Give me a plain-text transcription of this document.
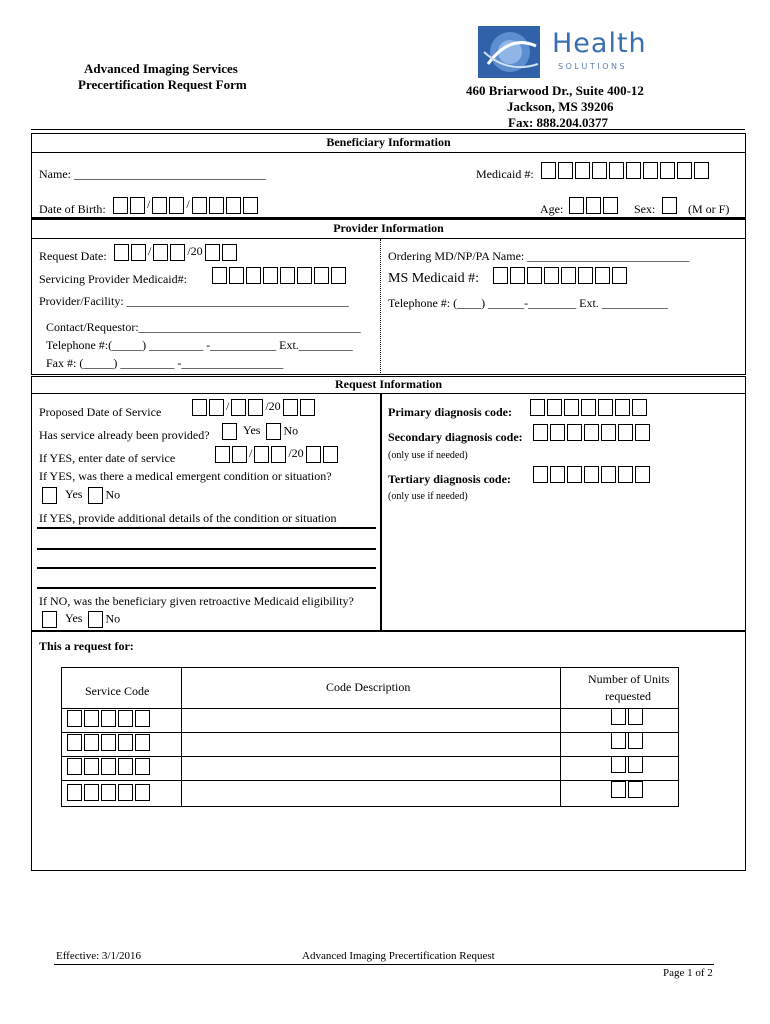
Advanced Imaging Services
Precertification Request Form
Health
S O L U T I O N S
460 Briarwood Dr., Suite 400-12
Jackson, MS 39206
Fax: 888.204.0377
Beneficiary Information
Name: ________________________________	Medicaid #:
Date of Birth:	/	/	Age:	Sex:	(M or F)
Provider Information
Request Date:	/	/20	Ordering MD/NP/PA Name: ___________________________
Servicing Provider Medicaid#:	MS Medicaid #:
Provider/Facility: _____________________________________	Telephone #: (____) ______-________ Ext. ___________
Contact/Requestor:_____________________________________
Telephone #:(_____) _________ -___________ Ext._________
Fax #: (_____) _________ -_________________
Request Information
Proposed Date of Service	/	/20
Has service already been provided?	Yes No
If YES, enter date of service	/	/20
If YES, was there a medical emergent condition or situation?
Yes No
If YES, provide additional details of the condition or situation
If NO, was the beneficiary given retroactive Medicaid eligibility?
Yes No
Primary diagnosis code:
Secondary diagnosis code:
(only use if needed)
Tertiary diagnosis code:
(only use if needed)
This a request for:
Service Code	Code Description
Number of Units
requested
Effective: 3/1/2016	Advanced Imaging Precertification Request
Page 1 of 2
